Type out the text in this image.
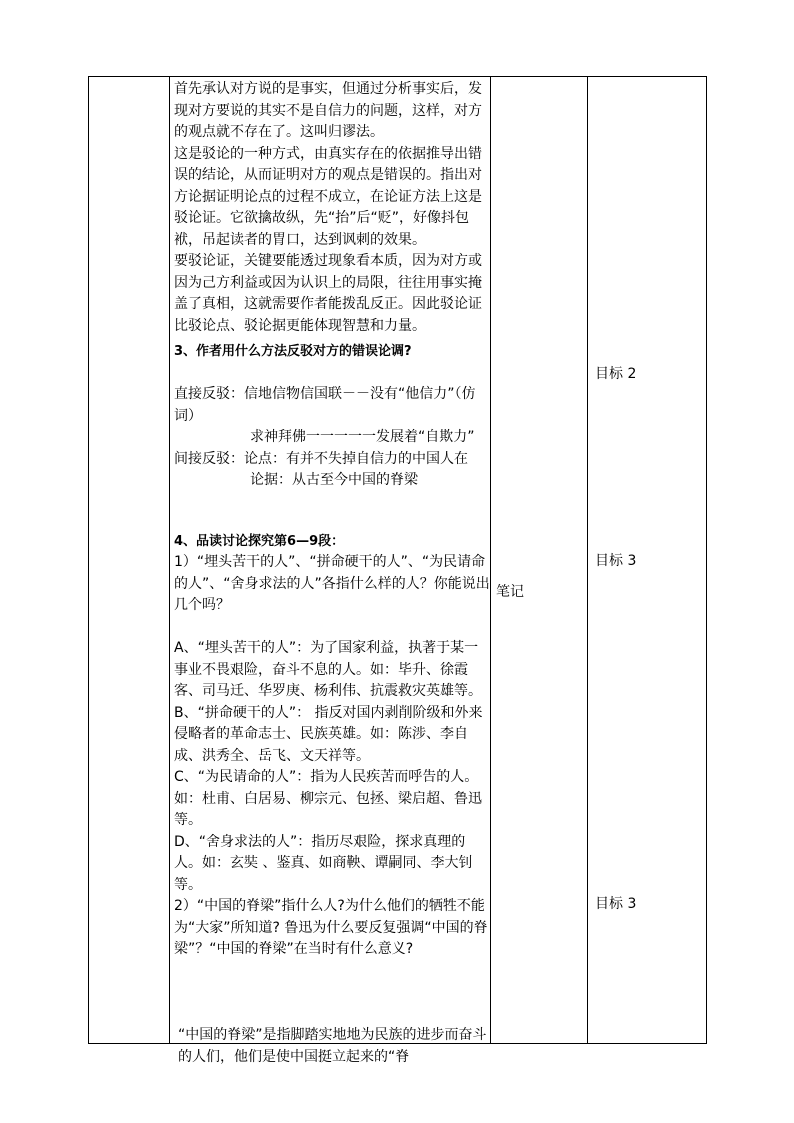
首先承认对方说的是事实，但通过分析事实后，发现对方要说的其实不是自信力的问题，这样，对方的观点就不存在了。这叫归谬法。

这是驳论的一种方式，由真实存在的依据推导出错误的结论，从而证明对方的观点是错误的。指出对方论据证明论点的过程不成立，在论证方法上这是驳论证。它欲擒故纵，先“抬”后“贬”，好像抖包袱，吊起读者的胃口，达到讽刺的效果。

要驳论证，关键要能透过现象看本质，因为对方或因为己方利益或因为认识上的局限，往往用事实掩盖了真相，这就需要作者能拨乱反正。因此驳论证比驳论点、驳论据更能体现智慧和力量。

3、作者用什么方法反驳对方的错误论调?

直接反驳：信地信物信国联－－没有“他信力”（仿词）

求神拜佛一一一一一发展着“自欺力”

间接反驳：论点：有并不失掉自信力的中国人在

论据：从古至今中国的脊梁

4、品读讨论探究第6—9段：

1）“埋头苦干的人”、“拼命硬干的人”、“为民请命的人”、“舍身求法的人”各指什么样的人？你能说出几个吗？

A、“埋头苦干的人”：为了国家利益，执著于某一事业不畏艰险，奋斗不息的人。如：毕升、徐霞客、司马迁、华罗庚、杨利伟、抗震救灾英雄等。

B、“拼命硬干的人”： 指反对国内剥削阶级和外来侵略者的革命志士、民族英雄。如：陈涉、李自成、洪秀全、岳飞、文天祥等。

C、“为民请命的人”：指为人民疾苦而呼告的人。如：杜甫、白居易、柳宗元、包拯、梁启超、鲁迅等。

D、“舍身求法的人”：指历尽艰险，探求真理的人。如：玄奘 、鉴真、如商鞅、谭嗣同、李大钊等。

2）“中国的脊梁”指什么人?为什么他们的牺牲不能为“大家”所知道? 鲁迅为什么要反复强调“中国的脊梁”？“中国的脊梁”在当时有什么意义?

“中国的脊梁”是指脚踏实地地为民族的进步而奋斗的人们，他们是使中国挺立起来的“脊

笔记
目标 2
目标 3
目标 3
